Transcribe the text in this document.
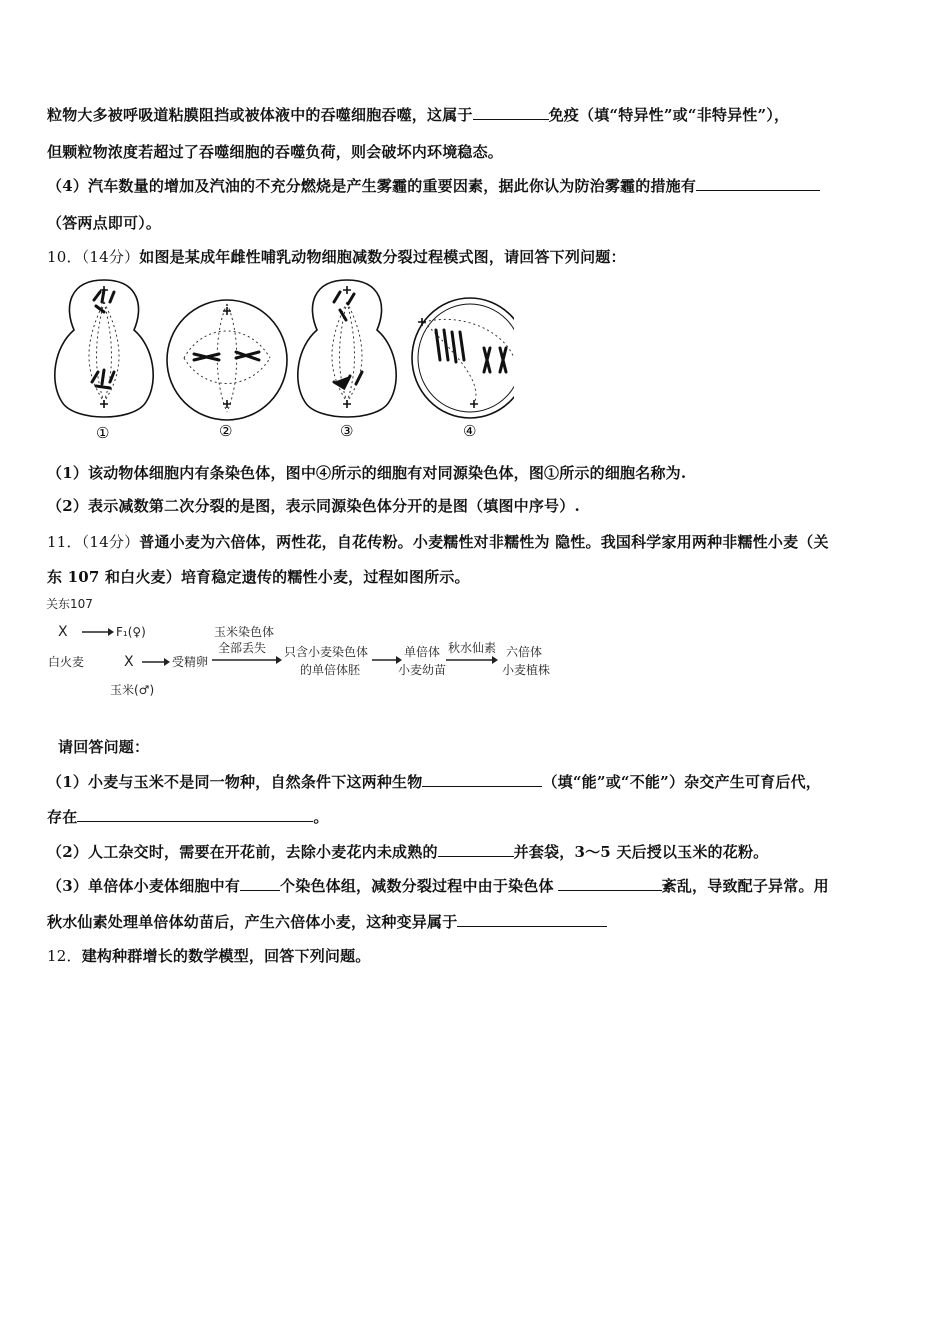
粒物大多被呼吸道粘膜阻挡或被体液中的吞噬细胞吞噬，这属于	免疫（填“特异性”或“非特异性”），
但颗粒物浓度若超过了吞噬细胞的吞噬负荷，则会破坏内环境稳态。
（4）汽车数量的增加及汽油的不充分燃烧是产生雾霾的重要因素，据此你认为防治雾霾的措施有
（答两点即可）。
10．（14分）如图是某成年雌性哺乳动物细胞减数分裂过程模式图，请回答下列问题：
①	②	③	④
（1）该动物体细胞内有条染色体，图中④所示的细胞有对同源染色体，图①所示的细胞名称为.
（2）表示减数第二次分裂的是图，表示同源染色体分开的是图（填图中序号）.
11．（14分）普通小麦为六倍体，两性花，自花传粉。小麦糯性对非糯性为 隐性。我国科学家用两种非糯性小麦（关
东 107 和白火麦）培育稳定遗传的糯性小麦，过程如图所示。
关东107
X	F₁(♀)
白火麦	X	受精卵
玉米染色体
全部丢失 只含小麦染色体
的单倍体胚
单倍体
小麦幼苗
秋水仙素 六倍体
小麦植株
玉米(♂)
请回答问题：
（1）小麦与玉米不是同一物种，自然条件下这两种生物	（填“能”或“不能”）杂交产生可育后代，
存在	。
（2）人工杂交时，需要在开花前，去除小麦花内未成熟的	并套袋，3～5 天后授以玉米的花粉。
（3）单倍体小麦体细胞中有	个染色体组，减数分裂过程中由于染色体	紊乱，导致配子异常。用
秋水仙素处理单倍体幼苗后，产生六倍体小麦，这种变异属于
12．建构种群增长的数学模型，回答下列问题。
